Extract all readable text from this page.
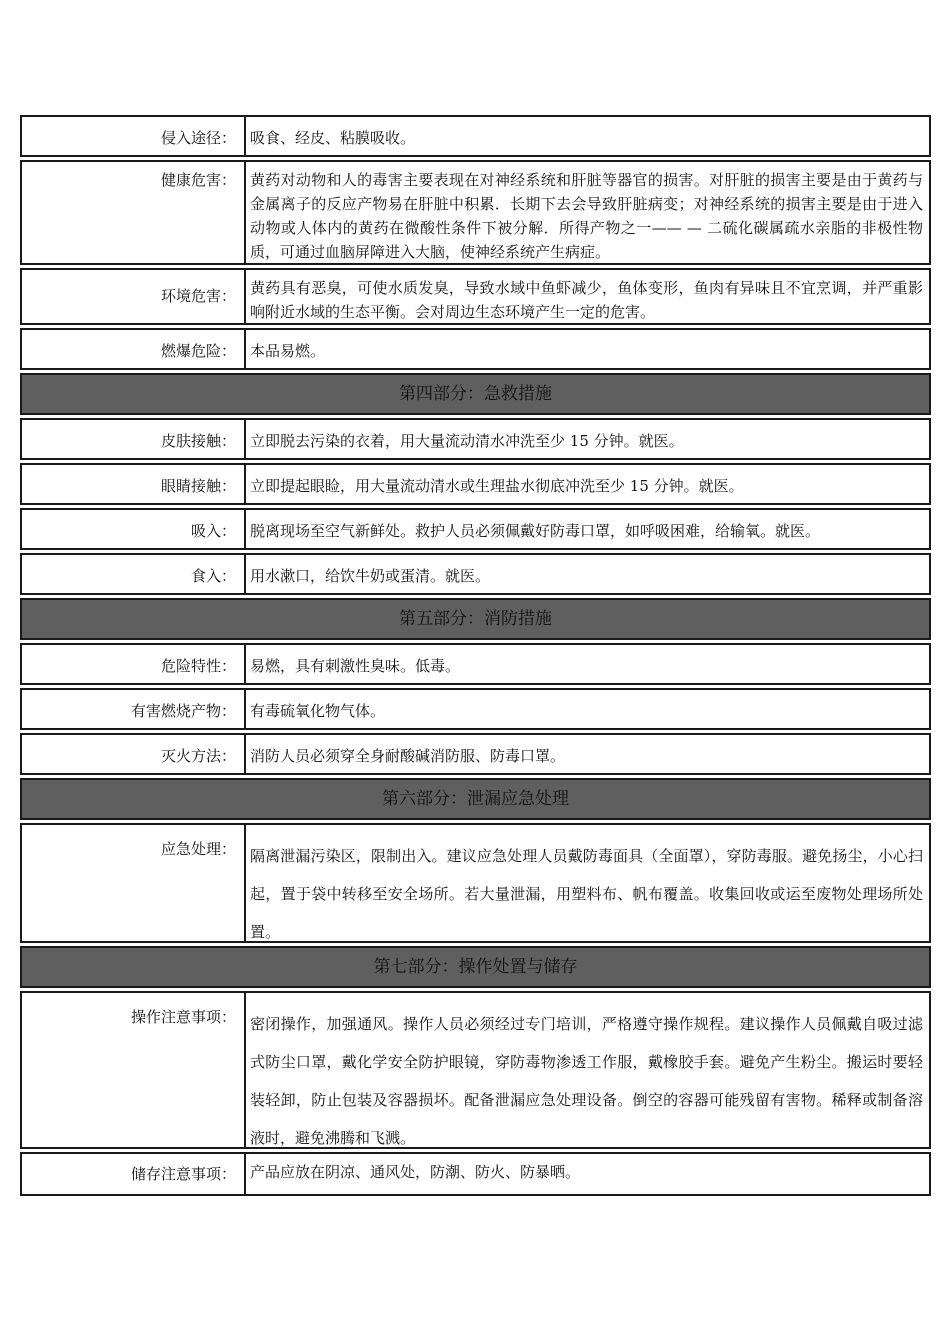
侵入途径： 吸食、经皮、粘膜吸收。
健康危害： 黄药对动物和人的毒害主要表现在对神经系统和肝脏等器官的损害。对肝脏的损害主要是由于黄药与金属离子的反应产物易在肝脏中积累．长期下去会导致肝脏病变；对神经系统的损害主要是由于进入动物或人体内的黄药在微酸性条件下被分解．所得产物之一—— — 二硫化碳属疏水亲脂的非极性物质，可通过血脑屏障进入大脑，使神经系统产生病症。
环境危害： 黄药具有恶臭，可使水质发臭，导致水域中鱼虾减少，鱼体变形，鱼肉有异味且不宜烹调，并严重影响附近水域的生态平衡。会对周边生态环境产生一定的危害。
燃爆危险： 本品易燃。
第四部分：急救措施
皮肤接触： 立即脱去污染的衣着，用大量流动清水冲洗至少 15 分钟。就医。
眼睛接触： 立即提起眼睑，用大量流动清水或生理盐水彻底冲洗至少 15 分钟。就医。
吸入： 脱离现场至空气新鲜处。救护人员必须佩戴好防毒口罩，如呼吸困难，给输氧。就医。
食入： 用水漱口，给饮牛奶或蛋清。就医。
第五部分：消防措施
危险特性： 易燃，具有刺激性臭味。低毒。
有害燃烧产物： 有毒硫氧化物气体。
灭火方法： 消防人员必须穿全身耐酸碱消防服、防毒口罩。
第六部分：泄漏应急处理
应急处理： 隔离泄漏污染区，限制出入。建议应急处理人员戴防毒面具（全面罩），穿防毒服。避免扬尘，小心扫起，置于袋中转移至安全场所。若大量泄漏，用塑料布、帆布覆盖。收集回收或运至废物处理场所处置。
第七部分：操作处置与储存
操作注意事项： 密闭操作，加强通风。操作人员必须经过专门培训，严格遵守操作规程。建议操作人员佩戴自吸过滤式防尘口罩，戴化学安全防护眼镜，穿防毒物渗透工作服，戴橡胶手套。避免产生粉尘。搬运时要轻装轻卸，防止包装及容器损坏。配备泄漏应急处理设备。倒空的容器可能残留有害物。稀释或制备溶液时，避免沸腾和飞溅。
储存注意事项： 产品应放在阴凉、通风处，防潮、防火、防暴晒。
